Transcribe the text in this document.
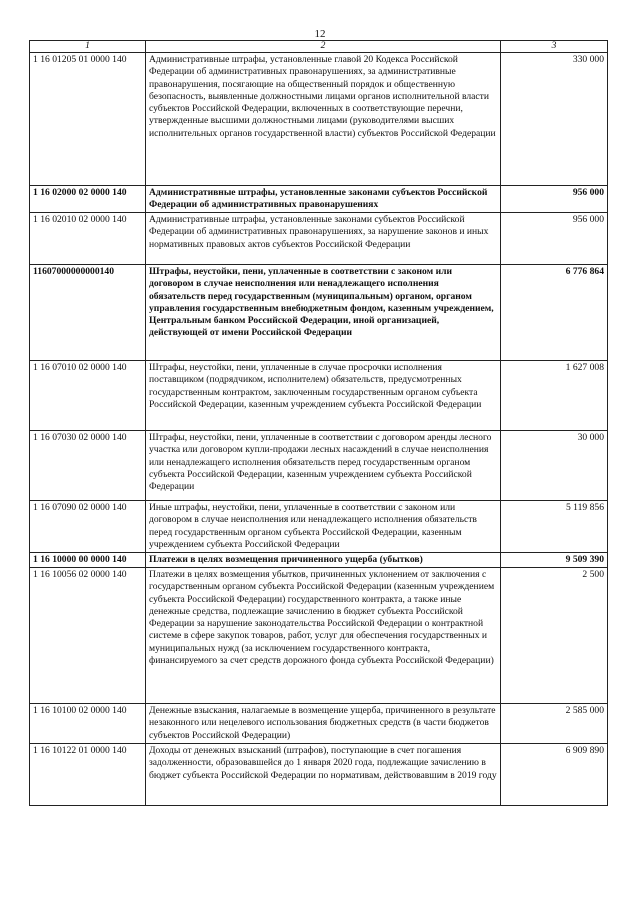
12
1	2	3
1 16 01205 01 0000 140	Административные штрафы, установленные главой 20 Кодекса Российской Федерации об административных правонарушениях, за административные правонарушения, посягающие на общественный порядок и общественную безопасность, выявленные должностными лицами органов исполнительной власти субъектов Российской Федерации, включенных в соответствующие перечни, утвержденные высшими должностными лицами (руководителями высших исполнительных органов государственной власти) субъектов Российской Федерации	330 000
1 16 02000 02 0000 140	Административные штрафы, установленные законами субъектов Российской Федерации об административных правонарушениях	956 000
1 16 02010 02 0000 140	Административные штрафы, установленные законами субъектов Российской Федерации об административных правонарушениях, за нарушение законов и иных нормативных правовых актов субъектов Российской Федерации	956 000
11607000000000140	Штрафы, неустойки, пени, уплаченные в соответствии с законом или договором в случае неисполнения или ненадлежащего исполнения обязательств перед государственным (муниципальным) органом, органом управления государственным внебюджетным фондом, казенным учреждением, Центральным банком Российской Федерации, иной организацией, действующей от имени Российской Федерации	6 776 864
1 16 07010 02 0000 140	Штрафы, неустойки, пени, уплаченные в случае просрочки исполнения поставщиком (подрядчиком, исполнителем) обязательств, предусмотренных государственным контрактом, заключенным государственным органом субъекта Российской Федерации, казенным учреждением субъекта Российской Федерации	1 627 008
1 16 07030 02 0000 140	Штрафы, неустойки, пени, уплаченные в соответствии с договором аренды лесного участка или договором купли-продажи лесных насаждений в случае неисполнения или ненадлежащего исполнения обязательств перед государственным органом субъекта Российской Федерации, казенным учреждением субъекта Российской Федерации	30 000
1 16 07090 02 0000 140	Иные штрафы, неустойки, пени, уплаченные в соответствии с законом или договором в случае неисполнения или ненадлежащего исполнения обязательств перед государственным органом субъекта Российской Федерации, казенным учреждением субъекта Российской Федерации	5 119 856
1 16 10000 00 0000 140	Платежи в целях возмещения причиненного ущерба (убытков)	9 509 390
1 16 10056 02 0000 140	Платежи в целях возмещения убытков, причиненных уклонением от заключения с государственным органом субъекта Российской Федерации (казенным учреждением субъекта Российской Федерации) государственного контракта, а также иные денежные средства, подлежащие зачислению в бюджет субъекта Российской Федерации за нарушение законодательства Российской Федерации о контрактной системе в сфере закупок товаров, работ, услуг для обеспечения государственных и муниципальных нужд (за исключением государственного контракта, финансируемого за счет средств дорожного фонда субъекта Российской Федерации)	2 500
1 16 10100 02 0000 140	Денежные взыскания, налагаемые в возмещение ущерба, причиненного в результате незаконного или нецелевого использования бюджетных средств (в части бюджетов субъектов Российской Федерации)	2 585 000
1 16 10122 01 0000 140	Доходы от денежных взысканий (штрафов), поступающие в счет погашения задолженности, образовавшейся до 1 января 2020 года, подлежащие зачислению в бюджет субъекта Российской Федерации по нормативам, действовавшим в 2019 году	6 909 890
